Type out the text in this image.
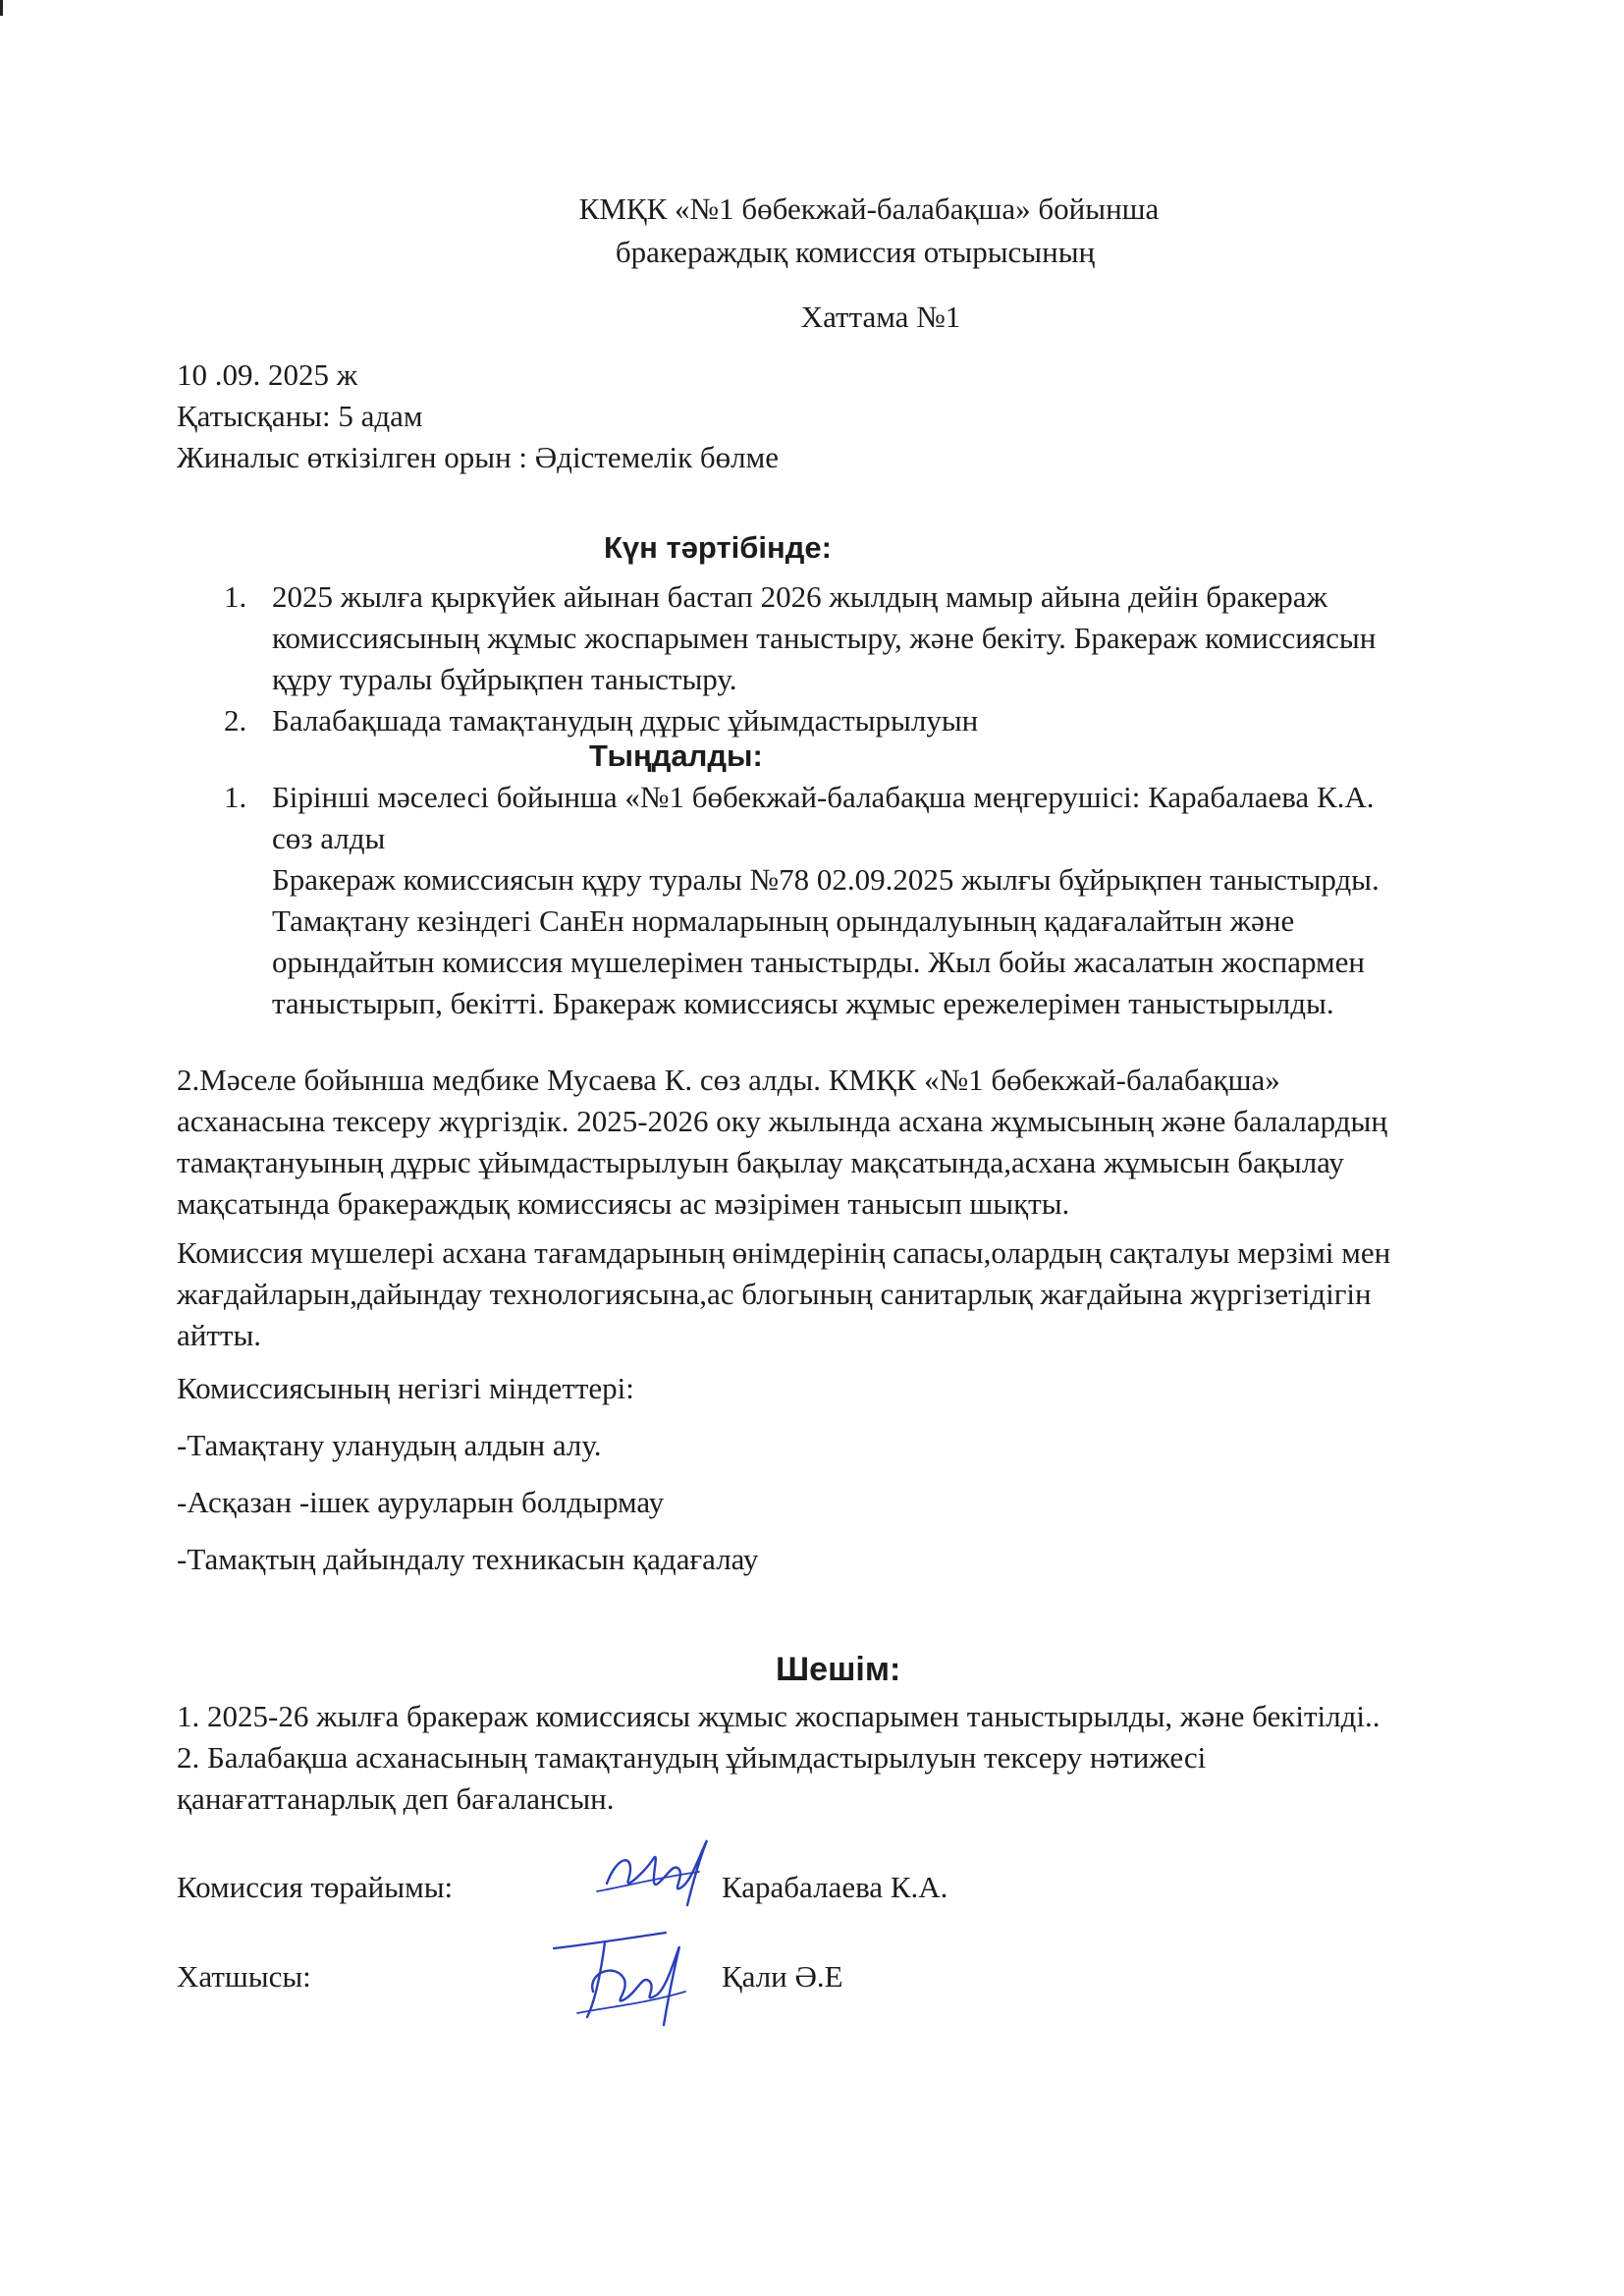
КМҚК «№1 бөбекжай-балабақша» бойынша
бракераждық комиссия отырысының
Хаттама №1
10 .09. 2025 ж
Қатысқаны: 5 адам
Жиналыс өткізілген орын : Әдістемелік бөлме
Күн тәртібінде:
1. 2025 жылға қыркүйек айынан бастап 2026 жылдың мамыр айына дейін бракераж
комиссиясының жұмыс жоспарымен таныстыру, және бекіту. Бракераж комиссиясын
құру туралы бұйрықпен таныстыру.
2. Балабақшада тамақтанудың дұрыс ұйымдастырылуын
Тыңдалды:
1. Бірінші мәселесі бойынша «№1 бөбекжай-балабақша меңгерушісі: Карабалаева К.А.
сөз алды
Бракераж комиссиясын құру туралы №78 02.09.2025 жылғы бұйрықпен таныстырды.
Тамақтану кезіндегі СанЕн нормаларының орындалуының қадағалайтын және
орындайтын комиссия мүшелерімен таныстырды. Жыл бойы жасалатын жоспармен
таныстырып, бекітті. Бракераж комиссиясы жұмыс ережелерімен таныстырылды.
2.Мәселе бойынша медбике Мусаева К. сөз алды. КМҚК «№1 бөбекжай-балабақша»
асханасына тексеру жүргіздік. 2025-2026 оку жылында асхана жұмысының және балалардың
тамақтануының дұрыс ұйымдастырылуын бақылау мақсатында,асхана жұмысын бақылау
мақсатында бракераждық комиссиясы ас мәзірімен танысып шықты.
Комиссия мүшелері асхана тағамдарының өнімдерінің сапасы,олардың сақталуы мерзімі мен
жағдайларын,дайындау технологиясына,ас блогының санитарлық жағдайына жүргізетідігін
айтты.
Комиссиясының негізгі міндеттері:
-Тамақтану уланудың алдын алу.
-Асқазан -ішек ауруларын болдырмау
-Тамақтың дайындалу техникасын қадағалау
Шешім:
1. 2025-26 жылға бракераж комиссиясы жұмыс жоспарымен таныстырылды, және бекітілді..
2. Балабақша асханасының тамақтанудың ұйымдастырылуын тексеру нәтижесі
қанағаттанарлық деп бағалансын.
Комиссия төрайымы:	Карабалаева К.А.
Хатшысы:	Қали Ә.Е
